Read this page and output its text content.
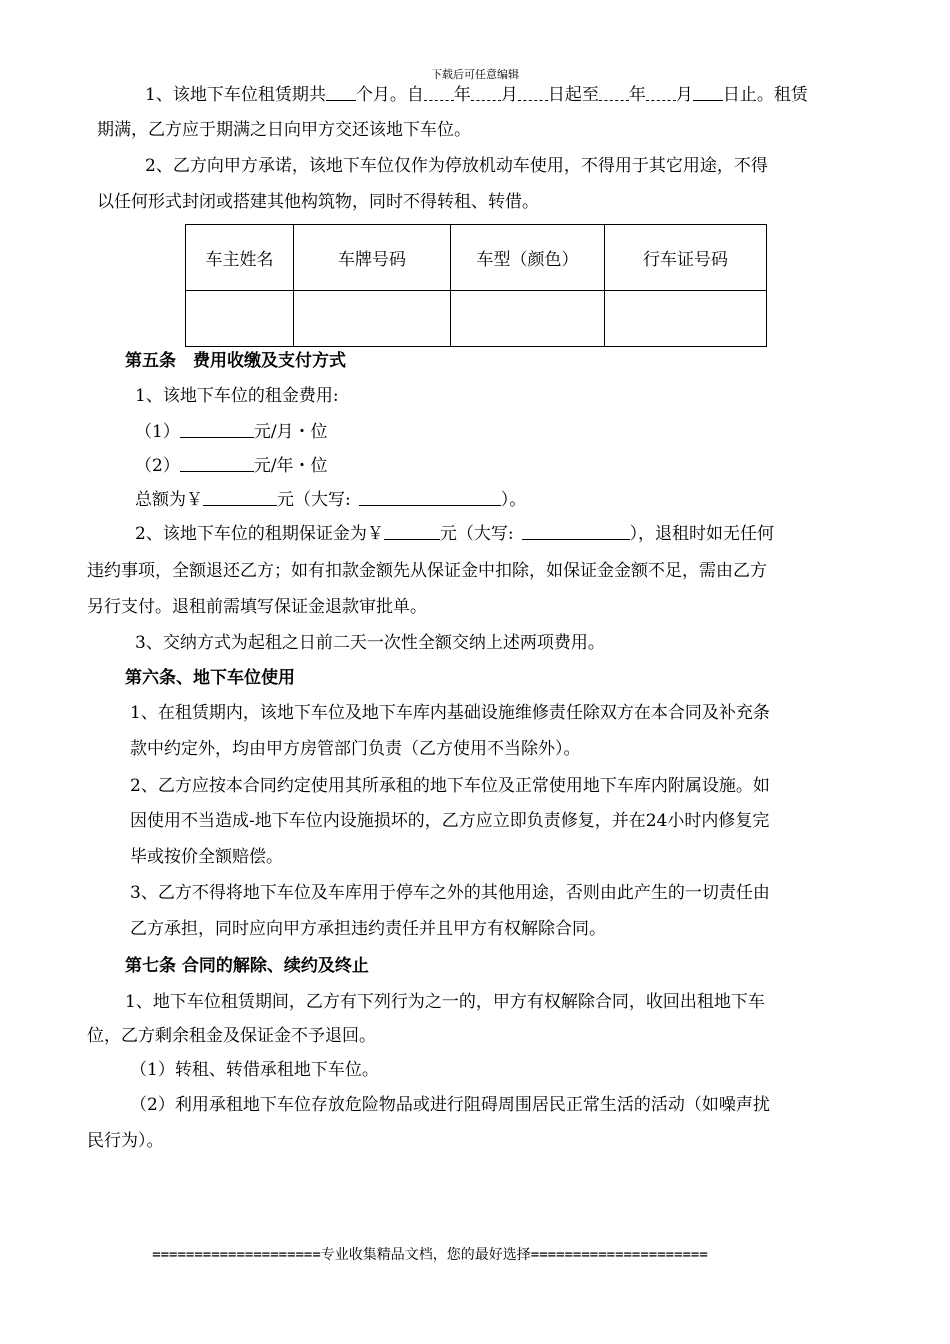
下载后可任意编辑
1、该地下车位租赁期共 个月。自 年 月 日起至 年 月 日止。租赁
期满，乙方应于期满之日向甲方交还该地下车位。
2、乙方向甲方承诺，该地下车位仅作为停放机动车使用，不得用于其它用途，不得
以任何形式封闭或搭建其他构筑物，同时不得转租、转借。
车主姓名	车牌号码	车型（颜色）	行车证号码

第五条　费用收缴及支付方式
1、该地下车位的租金费用:
（1）	元/月・位
（2）	元/年・位
总额为￥	元（大写:	）。
2、该地下车位的租期保证金为￥	元（大写:	），退租时如无任何
违约事项，全额退还乙方；如有扣款金额先从保证金中扣除，如保证金金额不足，需由乙方
另行支付。退租前需填写保证金退款审批单。
3、交纳方式为起租之日前二天一次性全额交纳上述两项费用。
第六条、地下车位使用
1、在租赁期内，该地下车位及地下车库内基础设施维修责任除双方在本合同及补充条
款中约定外，均由甲方房管部门负责（乙方使用不当除外）。
2、乙方应按本合同约定使用其所承租的地下车位及正常使用地下车库内附属设施。如
因使用不当造成-地下车位内设施损坏的，乙方应立即负责修复，并在24小时内修复完
毕或按价全额赔偿。
3、乙方不得将地下车位及车库用于停车之外的其他用途，否则由此产生的一切责任由
乙方承担，同时应向甲方承担违约责任并且甲方有权解除合同。
第七条 合同的解除、续约及终止
1、地下车位租赁期间，乙方有下列行为之一的，甲方有权解除合同，收回出租地下车
位，乙方剩余租金及保证金不予退回。
（1）转租、转借承租地下车位。
（2）利用承租地下车位存放危险物品或进行阻碍周围居民正常生活的活动（如噪声扰
民行为）。
====================专业收集精品文档，您的最好选择=====================
